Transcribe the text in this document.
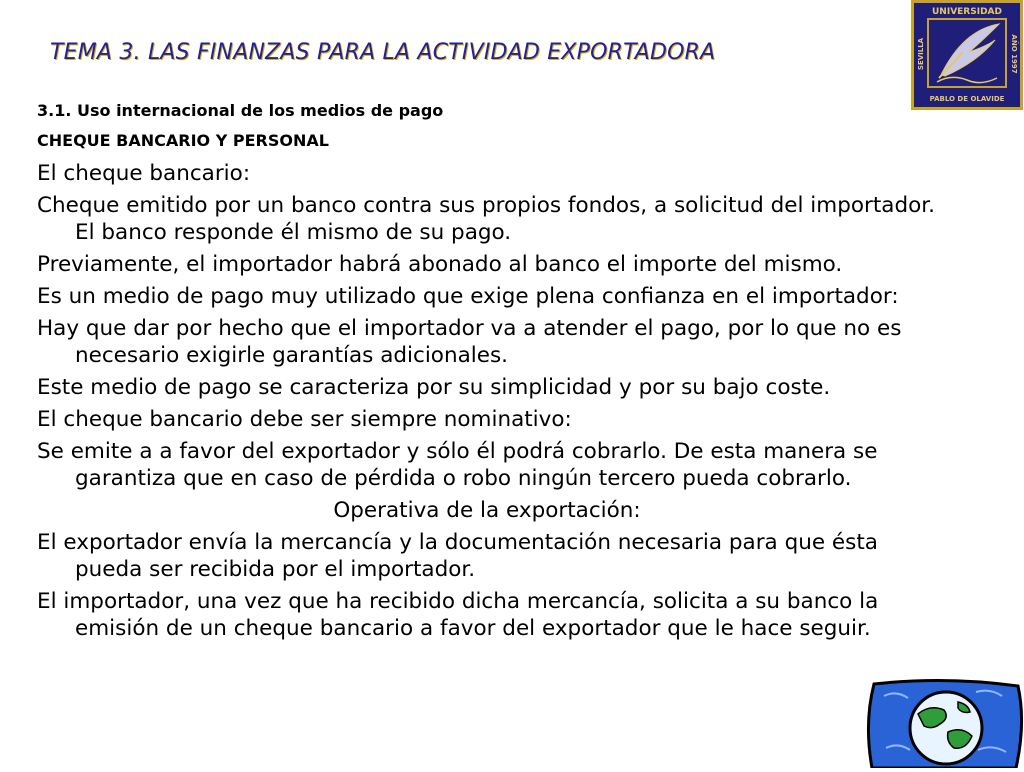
TEMA 3. LAS FINANZAS PARA LA ACTIVIDAD EXPORTADORA
UNIVERSIDAD
PABLO DE OLAVIDE
SEVILLA	AÑO 1997
3.1. Uso internacional de los medios de pago
CHEQUE BANCARIO Y PERSONAL

El cheque bancario:

Cheque emitido por un banco contra sus propios fondos, a solicitud del importador. El banco responde él mismo de su pago.

Previamente, el importador habrá abonado al banco el importe del mismo.

Es un medio de pago muy utilizado que exige plena confianza en el importador:

Hay que dar por hecho que el importador va a atender el pago, por lo que no es necesario exigirle garantías adicionales.

Este medio de pago se caracteriza por su simplicidad y por su bajo coste.

El cheque bancario debe ser siempre nominativo:

Se emite a a favor del exportador y sólo él podrá cobrarlo. De esta manera se garantiza que en caso de pérdida o robo ningún tercero pueda cobrarlo.

Operativa de la exportación:

El exportador envía la mercancía y la documentación necesaria para que ésta pueda ser recibida por el importador.

El importador, una vez que ha recibido dicha mercancía, solicita a su banco la emisión de un cheque bancario a favor del exportador que le hace seguir.
